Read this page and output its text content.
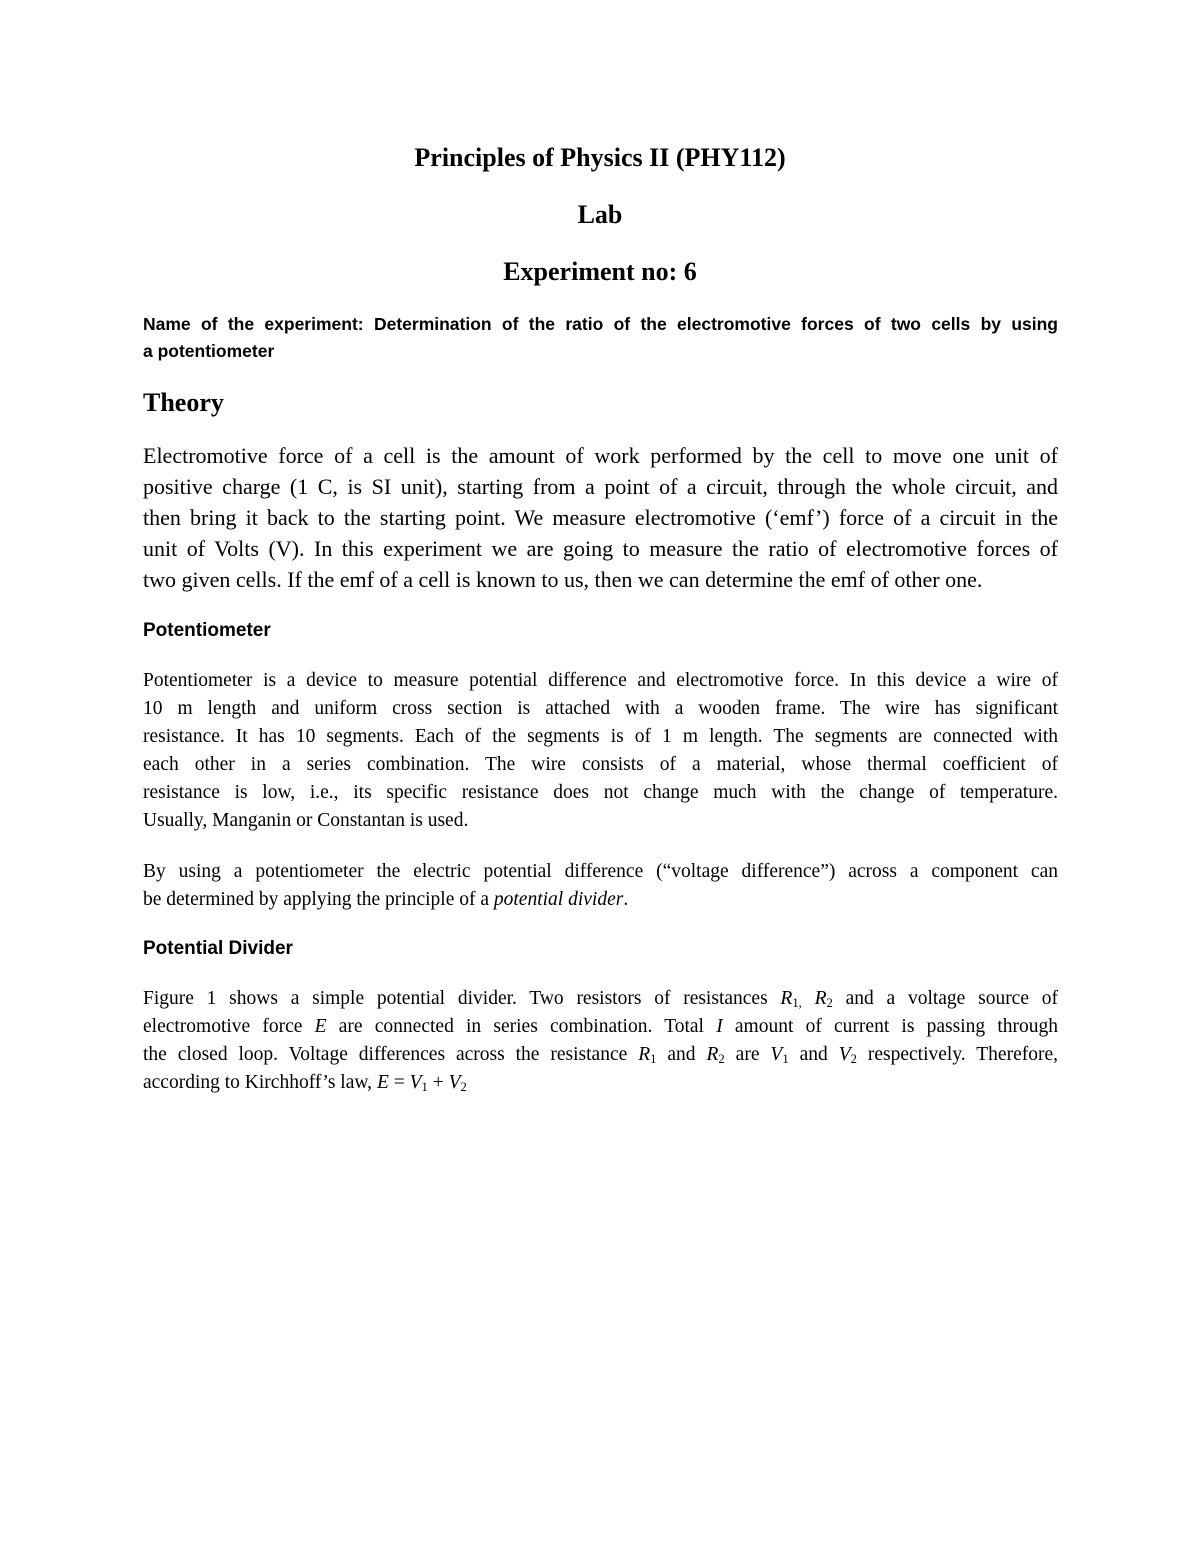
Principles of Physics II (PHY112)
Lab
Experiment no: 6
Name of the experiment: Determination of the ratio of the electromotive forces of two cells by using
a potentiometer
Theory
Electromotive force of a cell is the amount of work performed by the cell to move one unit of
positive charge (1 C, is SI unit), starting from a point of a circuit, through the whole circuit, and
then bring it back to the starting point. We measure electromotive (‘emf’) force of a circuit in the
unit of Volts (V). In this experiment we are going to measure the ratio of electromotive forces of
two given cells. If the emf of a cell is known to us, then we can determine the emf of other one.
Potentiometer
Potentiometer is a device to measure potential difference and electromotive force. In this device a wire of
10 m length and uniform cross section is attached with a wooden frame. The wire has significant
resistance. It has 10 segments. Each of the segments is of 1 m length. The segments are connected with
each other in a series combination. The wire consists of a material, whose thermal coefficient of
resistance is low, i.e., its specific resistance does not change much with the change of temperature.
Usually, Manganin or Constantan is used.
By using a potentiometer the electric potential difference (“voltage difference”) across a component can
be determined by applying the principle of a potential divider.
Potential Divider
Figure 1 shows a simple potential divider. Two resistors of resistances $R_{1,}$ $R_2$ and a voltage source of
electromotive force E are connected in series combination. Total I amount of current is passing through
the closed loop. Voltage differences across the resistance $R_1$ and $R_2$ are $V_1$ and $V_2$ respectively. Therefore,
according to Kirchhoff’s law, $E = V_1 + V_2$
